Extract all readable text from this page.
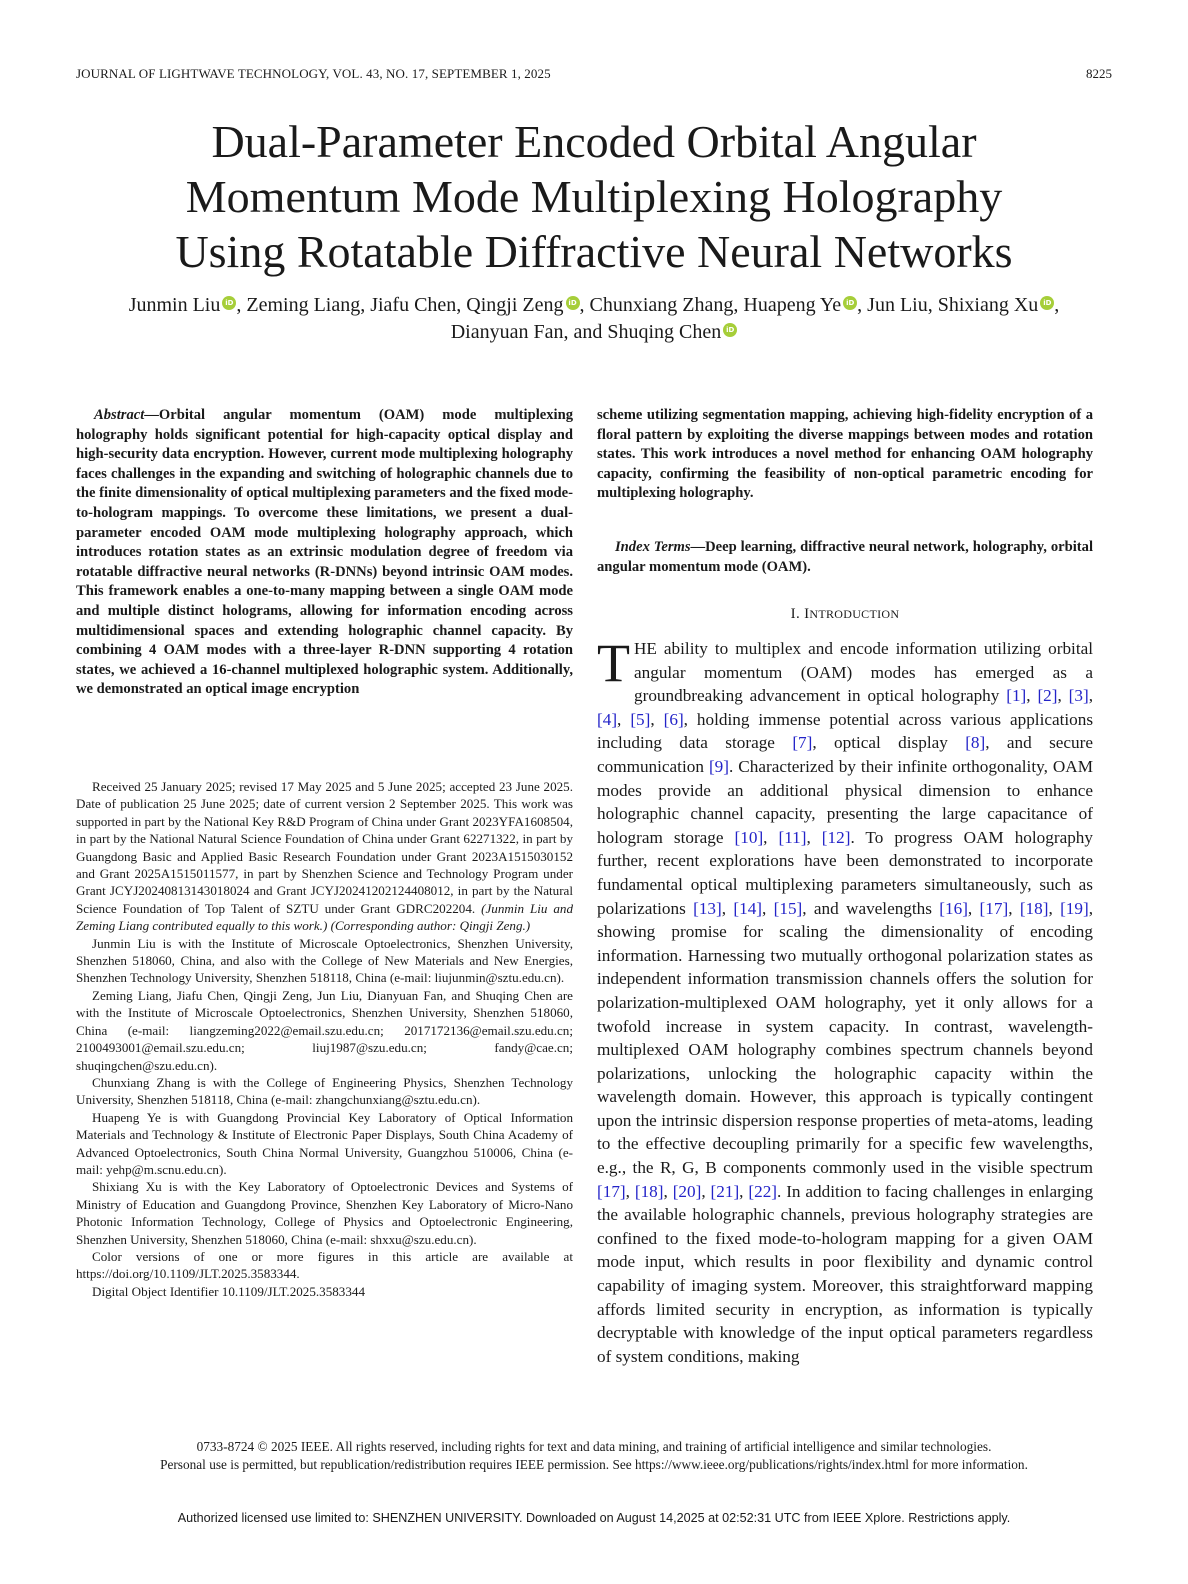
JOURNAL OF LIGHTWAVE TECHNOLOGY, VOL. 43, NO. 17, SEPTEMBER 1, 2025	8225
Dual-Parameter Encoded Orbital Angular
Momentum Mode Multiplexing Holography
Using Rotatable Diffractive Neural Networks
Junmin Liu iD , Zeming Liang, Jiafu Chen, Qingji Zeng iD , Chunxiang Zhang, Huapeng Ye iD , Jun Liu, Shixiang Xu iD ,
Dianyuan Fan, and Shuqing Chen iD
Abstract—Orbital angular momentum (OAM) mode multiplexing holography holds significant potential for high-capacity optical display and high-security data encryption. However, current mode multiplexing holography faces challenges in the expanding and switching of holographic channels due to the finite dimensionality of optical multiplexing parameters and the fixed mode-to-hologram mappings. To overcome these limitations, we present a dual-parameter encoded OAM mode multiplexing holography approach, which introduces rotation states as an extrinsic modulation degree of freedom via rotatable diffractive neural networks (R-DNNs) beyond intrinsic OAM modes. This framework enables a one-to-many mapping between a single OAM mode and multiple distinct holograms, allowing for information encoding across multidimensional spaces and extending holographic channel capacity. By combining 4 OAM modes with a three-layer R-DNN supporting 4 rotation states, we achieved a 16-channel multiplexed holographic system. Additionally, we demonstrated an optical image encryption
scheme utilizing segmentation mapping, achieving high-fidelity encryption of a floral pattern by exploiting the diverse mappings between modes and rotation states. This work introduces a novel method for enhancing OAM holography capacity, confirming the feasibility of non-optical parametric encoding for multiplexing holography.
Index Terms—Deep learning, diffractive neural network, holography, orbital angular momentum mode (OAM).

Received 25 January 2025; revised 17 May 2025 and 5 June 2025; accepted 23 June 2025. Date of publication 25 June 2025; date of current version 2 September 2025. This work was supported in part by the National Key R&D Program of China under Grant 2023YFA1608504, in part by the National Natural Science Foundation of China under Grant 62271322, in part by Guangdong Basic and Applied Basic Research Foundation under Grant 2023A1515030152 and Grant 2025A1515011577, in part by Shenzhen Science and Technology Program under Grant JCYJ20240813143018024 and Grant JCYJ20241202124408012, in part by the Natural Science Foundation of Top Talent of SZTU under Grant GDRC202204. (Junmin Liu and Zeming Liang contributed equally to this work.) (Corresponding author: Qingji Zeng.)

Junmin Liu is with the Institute of Microscale Optoelectronics, Shenzhen University, Shenzhen 518060, China, and also with the College of New Materials and New Energies, Shenzhen Technology University, Shenzhen 518118, China (e-mail: liujunmin@sztu.edu.cn).

Zeming Liang, Jiafu Chen, Qingji Zeng, Jun Liu, Dianyuan Fan, and Shuqing Chen are with the Institute of Microscale Optoelectronics, Shenzhen University, Shenzhen 518060, China (e-mail: liangzeming2022@email.szu.edu.cn; 2017172136@email.szu.edu.cn; 2100493001@email.szu.edu.cn; liuj1987@szu.edu.cn; fandy@cae.cn; shuqingchen@szu.edu.cn).

Chunxiang Zhang is with the College of Engineering Physics, Shenzhen Technology University, Shenzhen 518118, China (e-mail: zhangchunxiang@sztu.edu.cn).

Huapeng Ye is with Guangdong Provincial Key Laboratory of Optical Information Materials and Technology & Institute of Electronic Paper Displays, South China Academy of Advanced Optoelectronics, South China Normal University, Guangzhou 510006, China (e-mail: yehp@m.scnu.edu.cn).

Shixiang Xu is with the Key Laboratory of Optoelectronic Devices and Systems of Ministry of Education and Guangdong Province, Shenzhen Key Laboratory of Micro-Nano Photonic Information Technology, College of Physics and Optoelectronic Engineering, Shenzhen University, Shenzhen 518060, China (e-mail: shxxu@szu.edu.cn).

Color versions of one or more figures in this article are available at https://doi.org/10.1109/JLT.2025.3583344.

Digital Object Identifier 10.1109/JLT.2025.3583344

I. INTRODUCTION
THE ability to multiplex and encode information utilizing orbital angular momentum (OAM) modes has emerged as a groundbreaking advancement in optical holography [1], [2], [3], [4], [5], [6], holding immense potential across various applications including data storage [7], optical display [8], and secure communication [9]. Characterized by their infinite orthogonality, OAM modes provide an additional physical dimension to enhance holographic channel capacity, presenting the large capacitance of hologram storage [10], [11], [12]. To progress OAM holography further, recent explorations have been demonstrated to incorporate fundamental optical multiplexing parameters simultaneously, such as polarizations [13], [14], [15], and wavelengths [16], [17], [18], [19], showing promise for scaling the dimensionality of encoding information. Harnessing two mutually orthogonal polarization states as independent information transmission channels offers the solution for polarization-multiplexed OAM holography, yet it only allows for a twofold increase in system capacity. In contrast, wavelength-multiplexed OAM holography combines spectrum channels beyond polarizations, unlocking the holographic capacity within the wavelength domain. However, this approach is typically contingent upon the intrinsic dispersion response properties of meta-atoms, leading to the effective decoupling primarily for a specific few wavelengths, e.g., the R, G, B components commonly used in the visible spectrum [17], [18], [20], [21], [22]. In addition to facing challenges in enlarging the available holographic channels, previous holography strategies are confined to the fixed mode-to-hologram mapping for a given OAM mode input, which results in poor flexibility and dynamic control capability of imaging system. Moreover, this straightforward mapping affords limited security in encryption, as information is typically decryptable with knowledge of the input optical parameters regardless of system conditions, making
0733-8724 © 2025 IEEE. All rights reserved, including rights for text and data mining, and training of artificial intelligence and similar technologies.
Personal use is permitted, but republication/redistribution requires IEEE permission. See https://www.ieee.org/publications/rights/index.html for more information.
Authorized licensed use limited to: SHENZHEN UNIVERSITY. Downloaded on August 14,2025 at 02:52:31 UTC from IEEE Xplore. Restrictions apply.
